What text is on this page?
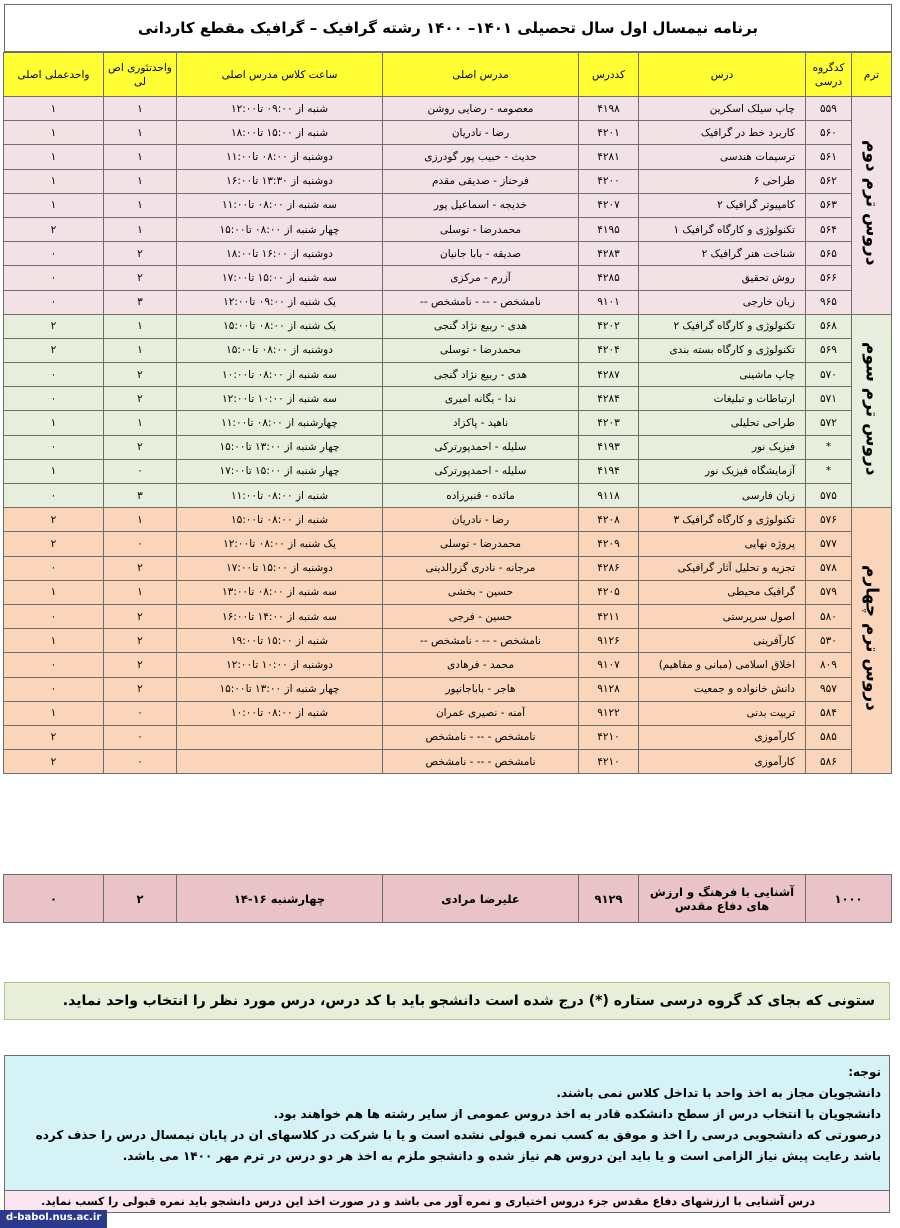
برنامه نیمسال اول سال تحصیلی ۱۴۰۱– ۱۴۰۰ رشته گرافیک – گرافیک مقطع کاردانی
ترم	کدگروه درسی	درس	کددرس	مدرس اصلی	ساعت کلاس مدرس اصلی	واحدتئوری اص لی	واحدعملی اصلی
دروس ترم دوم	۵۵۹	چاپ سیلک اسکرین	۴۱۹۸	معصومه - رضایی روشن	شنبه از ۰۹:۰۰ تا۱۲:۰۰	۱	۱
	۵۶۰	کاربرد خط در گرافیک	۴۲۰۱	رضا - نادریان	شنبه از ۱۵:۰۰ تا۱۸:۰۰	۱	۱
	۵۶۱	ترسیمات هندسی	۴۲۸۱	حدیث - حبیب پور گودرزی	دوشنبه از ۰۸:۰۰ تا۱۱:۰۰	۱	۱
	۵۶۲	طراحی ۶	۴۲۰۰	فرحناز - صدیقی مقدم	دوشنبه از ۱۳:۳۰ تا۱۶:۰۰	۱	۱
	۵۶۳	کامپیوتر گرافیک ۲	۴۲۰۷	خدیجه - اسماعیل پور	سه شنبه از ۰۸:۰۰ تا۱۱:۰۰	۱	۱
	۵۶۴	تکنولوژی و کارگاه گرافیک ۱	۴۱۹۵	محمدرضا - توسلی	چهار شنبه از ۰۸:۰۰ تا۱۵:۰۰	۱	۲
	۵۶۵	شناخت هنر گرافیک ۲	۴۲۸۳	صدیقه - بابا جانیان	دوشنبه از ۱۶:۰۰ تا۱۸:۰۰	۲	۰
	۵۶۶	روش تحقیق	۴۲۸۵	آزرم - مرکزی	سه شنبه از ۱۵:۰۰ تا۱۷:۰۰	۲	۰
	۹۶۵	زبان خارجی	۹۱۰۱	نامشخص - -- - نامشخص --	یک شنبه از ۰۹:۰۰ تا۱۲:۰۰	۳	۰
دروس ترم سوم	۵۶۸	تکنولوژی و کارگاه گرافیک ۲	۴۲۰۲	هدی - ربیع نژاد گنجی	یک شنبه از ۰۸:۰۰ تا۱۵:۰۰	۱	۲
	۵۶۹	تکنولوژی و کارگاه بسته بندی	۴۲۰۴	محمدرضا - توسلی	دوشنبه از ۰۸:۰۰ تا۱۵:۰۰	۱	۲
	۵۷۰	چاپ ماشینی	۴۲۸۷	هدی - ربیع نژاد گنجی	سه شنبه از ۰۸:۰۰ تا۱۰:۰۰	۲	۰
	۵۷۱	ارتباطات و تبلیغات	۴۲۸۴	ندا - یگانه امیری	سه شنبه از ۱۰:۰۰ تا۱۲:۰۰	۲	۰
	۵۷۲	طراحی تحلیلی	۴۲۰۳	ناهید - پاکزاد	چهارشنبه از ۰۸:۰۰ تا۱۱:۰۰	۱	۱
	*	فیزیک نور	۴۱۹۳	سلیله - احمدپورترکی	چهار شنبه از ۱۳:۰۰ تا۱۵:۰۰	۲	۰
	*	آزمایشگاه فیزیک نور	۴۱۹۴	سلیله - احمدپورترکی	چهار شنبه از ۱۵:۰۰ تا۱۷:۰۰	۰	۱
	۵۷۵	زبان فارسی	۹۱۱۸	مائده - قنبرزاده	شنبه از ۰۸:۰۰ تا۱۱:۰۰	۳	۰
دروس ترم چهارم	۵۷۶	تکنولوژی و کارگاه گرافیک ۳	۴۲۰۸	رضا - نادریان	شنبه از ۰۸:۰۰ تا۱۵:۰۰	۱	۲
	۵۷۷	پروژه نهایی	۴۲۰۹	محمدرضا - توسلی	یک شنبه از ۰۸:۰۰ تا۱۲:۰۰	۰	۲
	۵۷۸	تجزیه و تحلیل آثار گرافیکی	۴۲۸۶	مرجانه - نادری گزرالدینی	دوشنبه از ۱۵:۰۰ تا۱۷:۰۰	۲	۰
	۵۷۹	گرافیک محیطی	۴۲۰۵	حسین - بخشی	سه شنبه از ۰۸:۰۰ تا۱۳:۰۰	۱	۱
	۵۸۰	اصول سرپرستی	۴۲۱۱	حسین - فرجی	سه شنبه از ۱۴:۰۰ تا۱۶:۰۰	۲	۰
	۵۳۰	کارآفرینی	۹۱۲۶	نامشخص - -- - نامشخص --	شنبه از ۱۵:۰۰ تا۱۹:۰۰	۲	۱
	۸۰۹	اخلاق اسلامی (مبانی و مفاهیم)	۹۱۰۷	محمد - فرهادی	دوشنبه از ۱۰:۰۰ تا۱۲:۰۰	۲	۰
	۹۵۷	دانش خانواده و جمعیت	۹۱۲۸	هاجر - باباجانپور	چهار شنبه از ۱۳:۰۰ تا۱۵:۰۰	۲	۰
	۵۸۴	تربیت بدنی	۹۱۲۲	آمنه - نصیری عمران	شنبه از ۰۸:۰۰ تا۱۰:۰۰	۰	۱
	۵۸۵	کارآموزی	۴۲۱۰	نامشخص - -- - نامشخص		۰	۲
	۵۸۶	کارآموزی	۴۲۱۰	نامشخص - -- - نامشخص		۰	۲
۱۰۰۰	آشنایی با فرهنگ و ارزش های دفاع مقدس	۹۱۲۹	علیرضا مرادی	چهارشنبه ۱۶-۱۴	۲	۰
ستونی که بجای کد گروه درسی ستاره (*) درج شده است دانشجو باید با کد درس، درس مورد نظر را انتخاب واحد نماید.
توجه:
دانشجویان مجاز به اخذ واحد با تداخل کلاس نمی باشند.
دانشجویان با انتخاب درس از سطح دانشکده قادر به اخذ دروس عمومی از سایر رشته ها هم خواهند بود.
درصورتی که دانشجویی درسی را اخذ و موفق به کسب نمره قبولی نشده است و یا با شرکت در کلاسهای ان در پایان نیمسال درس را حذف کرده
باشد رعایت پیش نیاز الزامی است و یا باید این دروس هم نیاز شده و دانشجو ملزم به اخذ هر دو درس در ترم مهر ۱۴۰۰ می باشد.
درس آشنایی با ارزشهای دفاع مقدس جزء دروس اختیاری و نمره آور می باشد و در صورت اخذ این درس دانشجو باید نمره قبولی را کسب نماید.
d-babol.nus.ac.ir
